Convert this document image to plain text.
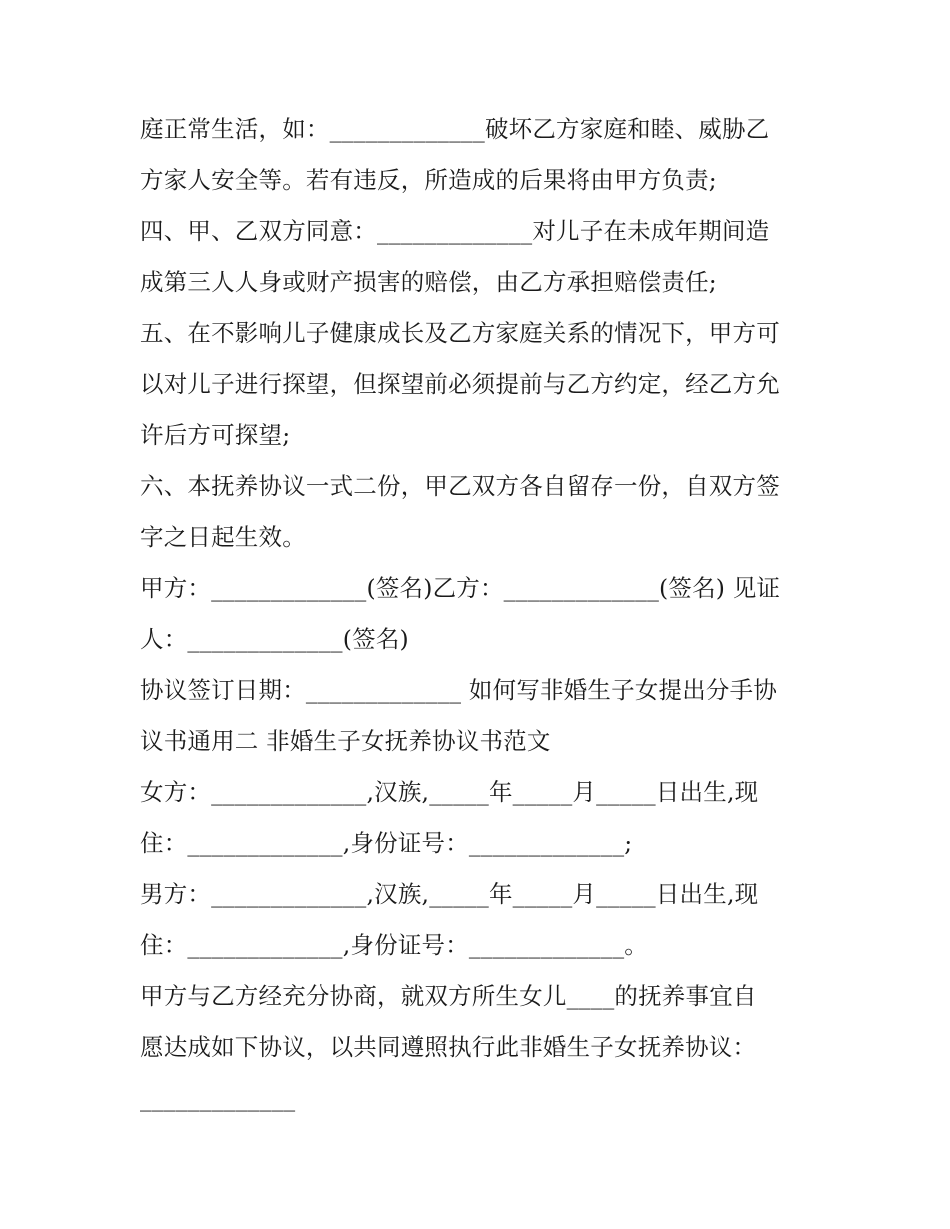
庭正常生活，如：_____________破坏乙方家庭和睦、威胁乙
方家人安全等。若有违反，所造成的后果将由甲方负责;
四、甲、乙双方同意：_____________对儿子在未成年期间造
成第三人人身或财产损害的赔偿，由乙方承担赔偿责任;
五、在不影响儿子健康成长及乙方家庭关系的情况下，甲方可
以对儿子进行探望，但探望前必须提前与乙方约定，经乙方允
许后方可探望;
六、本抚养协议一式二份，甲乙双方各自留存一份，自双方签
字之日起生效。
甲方：_____________(签名)乙方：_____________(签名) 见证
人：_____________(签名)
协议签订日期：_____________ 如何写非婚生子女提出分手协
议书通用二 非婚生子女抚养协议书范文
女方：_____________,汉族,_____年_____月_____日出生,现
住：_____________,身份证号：_____________;
男方：_____________,汉族,_____年_____月_____日出生,现
住：_____________,身份证号：_____________。
甲方与乙方经充分协商，就双方所生女儿____的抚养事宜自
愿达成如下协议，以共同遵照执行此非婚生子女抚养协议：
_____________
